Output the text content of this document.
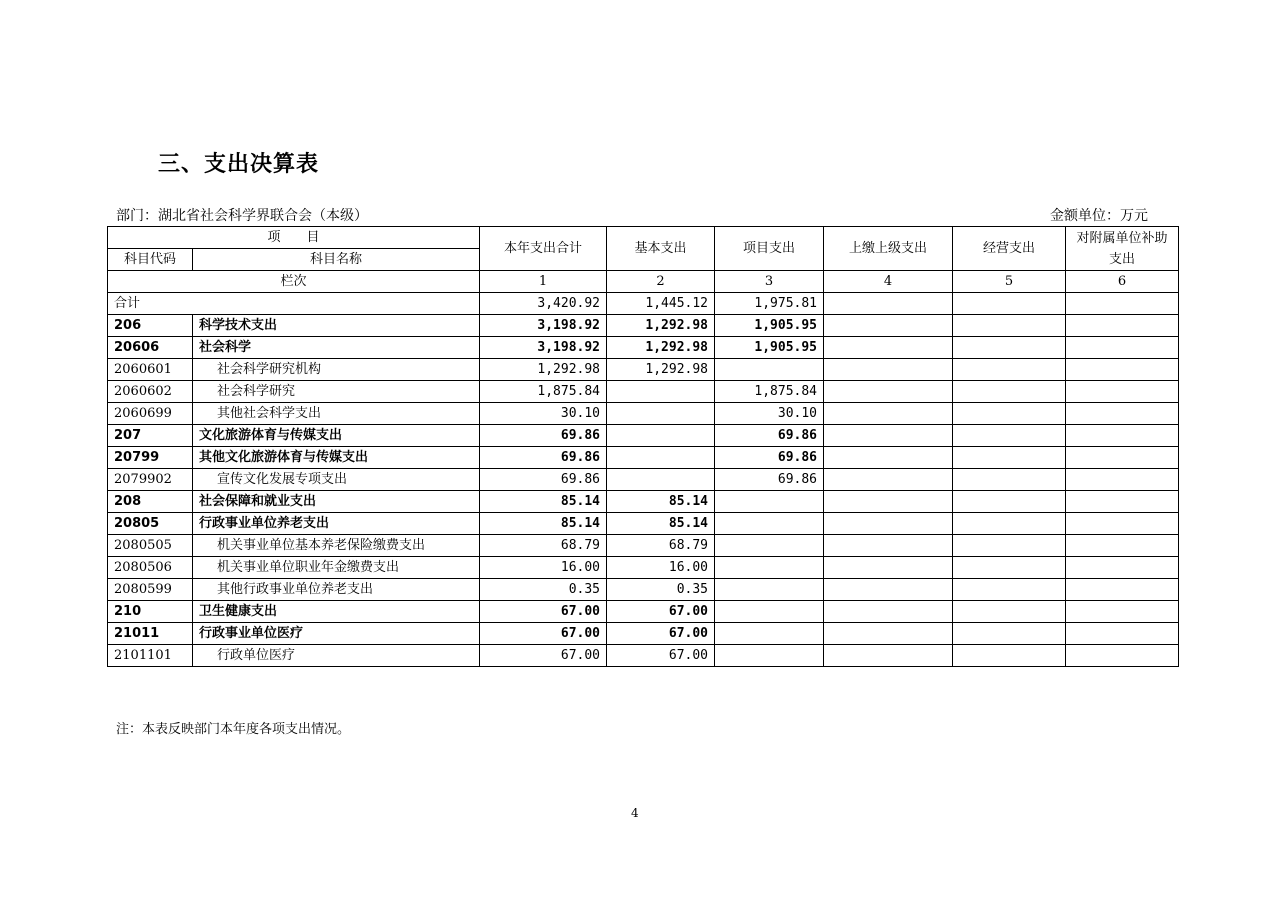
三、支出决算表
部门：湖北省社会科学界联合会（本级）	金额单位：万元
项　　目		本年支出合计	基本支出	项目支出	上缴上级支出	经营支出	对附属单位补助支出
科目代码	科目名称						
栏次		1	2	3	4	5	6
合计		3,420.92	1,445.12	1,975.81			
206	科学技术支出	3,198.92	1,292.98	1,905.95			
20606	社会科学	3,198.92	1,292.98	1,905.95			
2060601	社会科学研究机构	1,292.98	1,292.98				
2060602	社会科学研究	1,875.84		1,875.84			
2060699	其他社会科学支出	30.10		30.10			
207	文化旅游体育与传媒支出	69.86		69.86			
20799	其他文化旅游体育与传媒支出	69.86		69.86			
2079902	宣传文化发展专项支出	69.86		69.86			
208	社会保障和就业支出	85.14	85.14				
20805	行政事业单位养老支出	85.14	85.14				
2080505	机关事业单位基本养老保险缴费支出	68.79	68.79				
2080506	机关事业单位职业年金缴费支出	16.00	16.00				
2080599	其他行政事业单位养老支出	0.35	0.35				
210	卫生健康支出	67.00	67.00				
21011	行政事业单位医疗	67.00	67.00				
2101101	行政单位医疗	67.00	67.00				
注：本表反映部门本年度各项支出情况。
4
